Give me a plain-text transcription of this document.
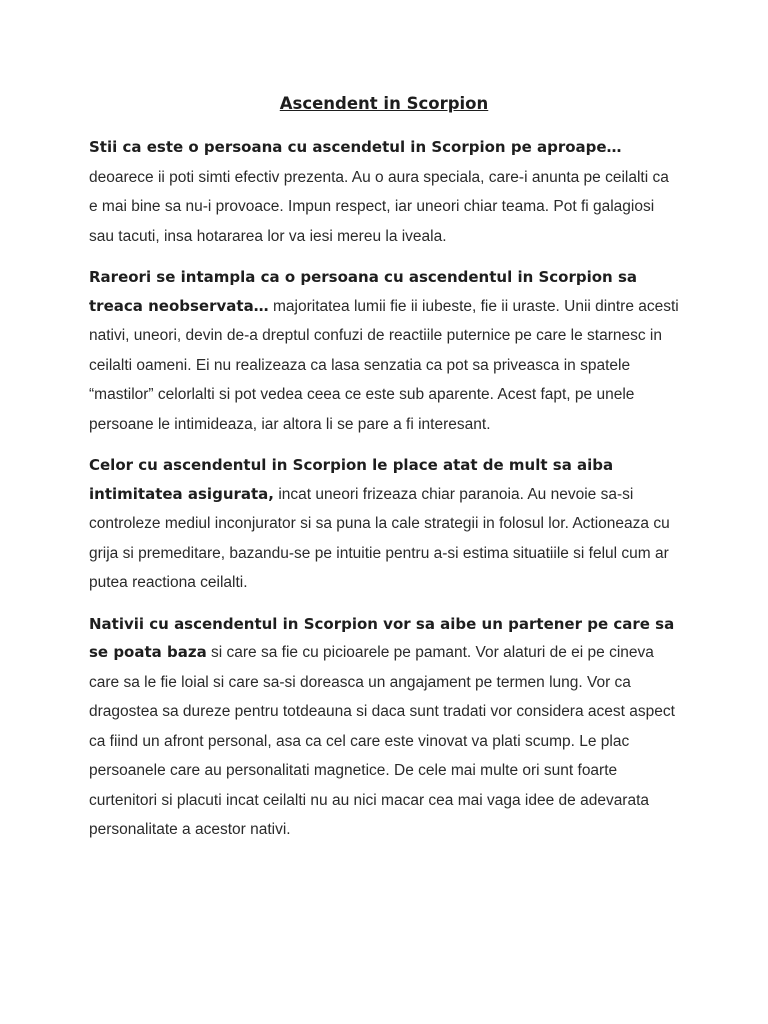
Ascendent in Scorpion

Stii ca este o persoana cu ascendetul in Scorpion pe aproape… deoarece ii poti simti efectiv prezenta. Au o aura speciala, care-i anunta pe ceilalti ca e mai bine sa nu-i provoace. Impun respect, iar uneori chiar teama. Pot fi galagiosi sau tacuti, insa hotararea lor va iesi mereu la iveala.

Rareori se intampla ca o persoana cu ascendentul in Scorpion sa treaca neobservata… majoritatea lumii fie ii iubeste, fie ii uraste. Unii dintre acesti nativi, uneori, devin de-a dreptul confuzi de reactiile puternice pe care le starnesc in ceilalti oameni. Ei nu realizeaza ca lasa senzatia ca pot sa priveasca in spatele “mastilor” celorlalti si pot vedea ceea ce este sub aparente. Acest fapt, pe unele persoane le intimideaza, iar altora li se pare a fi interesant.

Celor cu ascendentul in Scorpion le place atat de mult sa aiba intimitatea asigurata, incat uneori frizeaza chiar paranoia. Au nevoie sa-si controleze mediul inconjurator si sa puna la cale strategii in folosul lor. Actioneaza cu grija si premeditare, bazandu-se pe intuitie pentru a-si estima situatiile si felul cum ar putea reactiona ceilalti.

Nativii cu ascendentul in Scorpion vor sa aibe un partener pe care sa se poata baza si care sa fie cu picioarele pe pamant. Vor alaturi de ei pe cineva care sa le fie loial si care sa-si doreasca un angajament pe termen lung. Vor ca dragostea sa dureze pentru totdeauna si daca sunt tradati vor considera acest aspect ca fiind un afront personal, asa ca cel care este vinovat va plati scump. Le plac persoanele care au personalitati magnetice. De cele mai multe ori sunt foarte curtenitori si placuti incat ceilalti nu au nici macar cea mai vaga idee de adevarata personalitate a acestor nativi.
